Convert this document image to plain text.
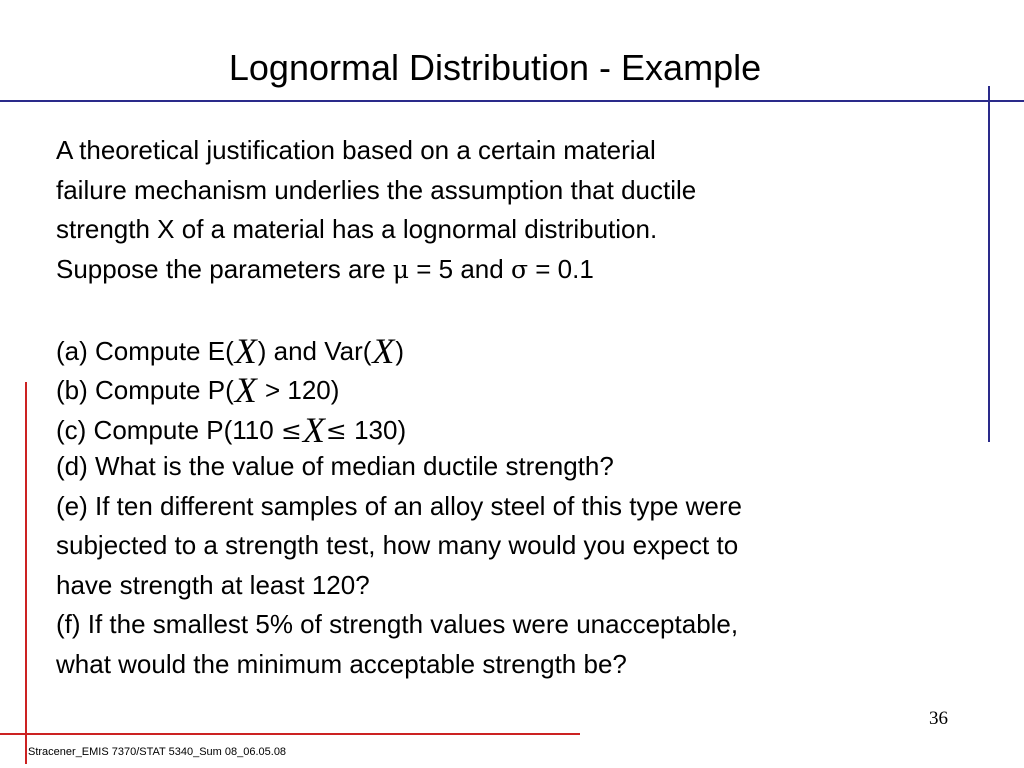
Lognormal Distribution - Example
A theoretical justification based on a certain material
failure mechanism underlies the assumption that ductile
strength X of a material has a lognormal distribution.
Suppose the parameters are μ = 5 and σ = 0.1
(a) Compute E(X) and Var(X)
(b) Compute P(X > 120)
(c) Compute P(110 ≤X≤ 130)
(d) What is the value of median ductile strength?
(e) If ten different samples of an alloy steel of this type were
subjected to a strength test, how many would you expect to
have strength at least 120?
(f) If the smallest 5% of strength values were unacceptable,
what would the minimum acceptable strength be?
36
Stracener_EMIS 7370/STAT 5340_Sum 08_06.05.08
